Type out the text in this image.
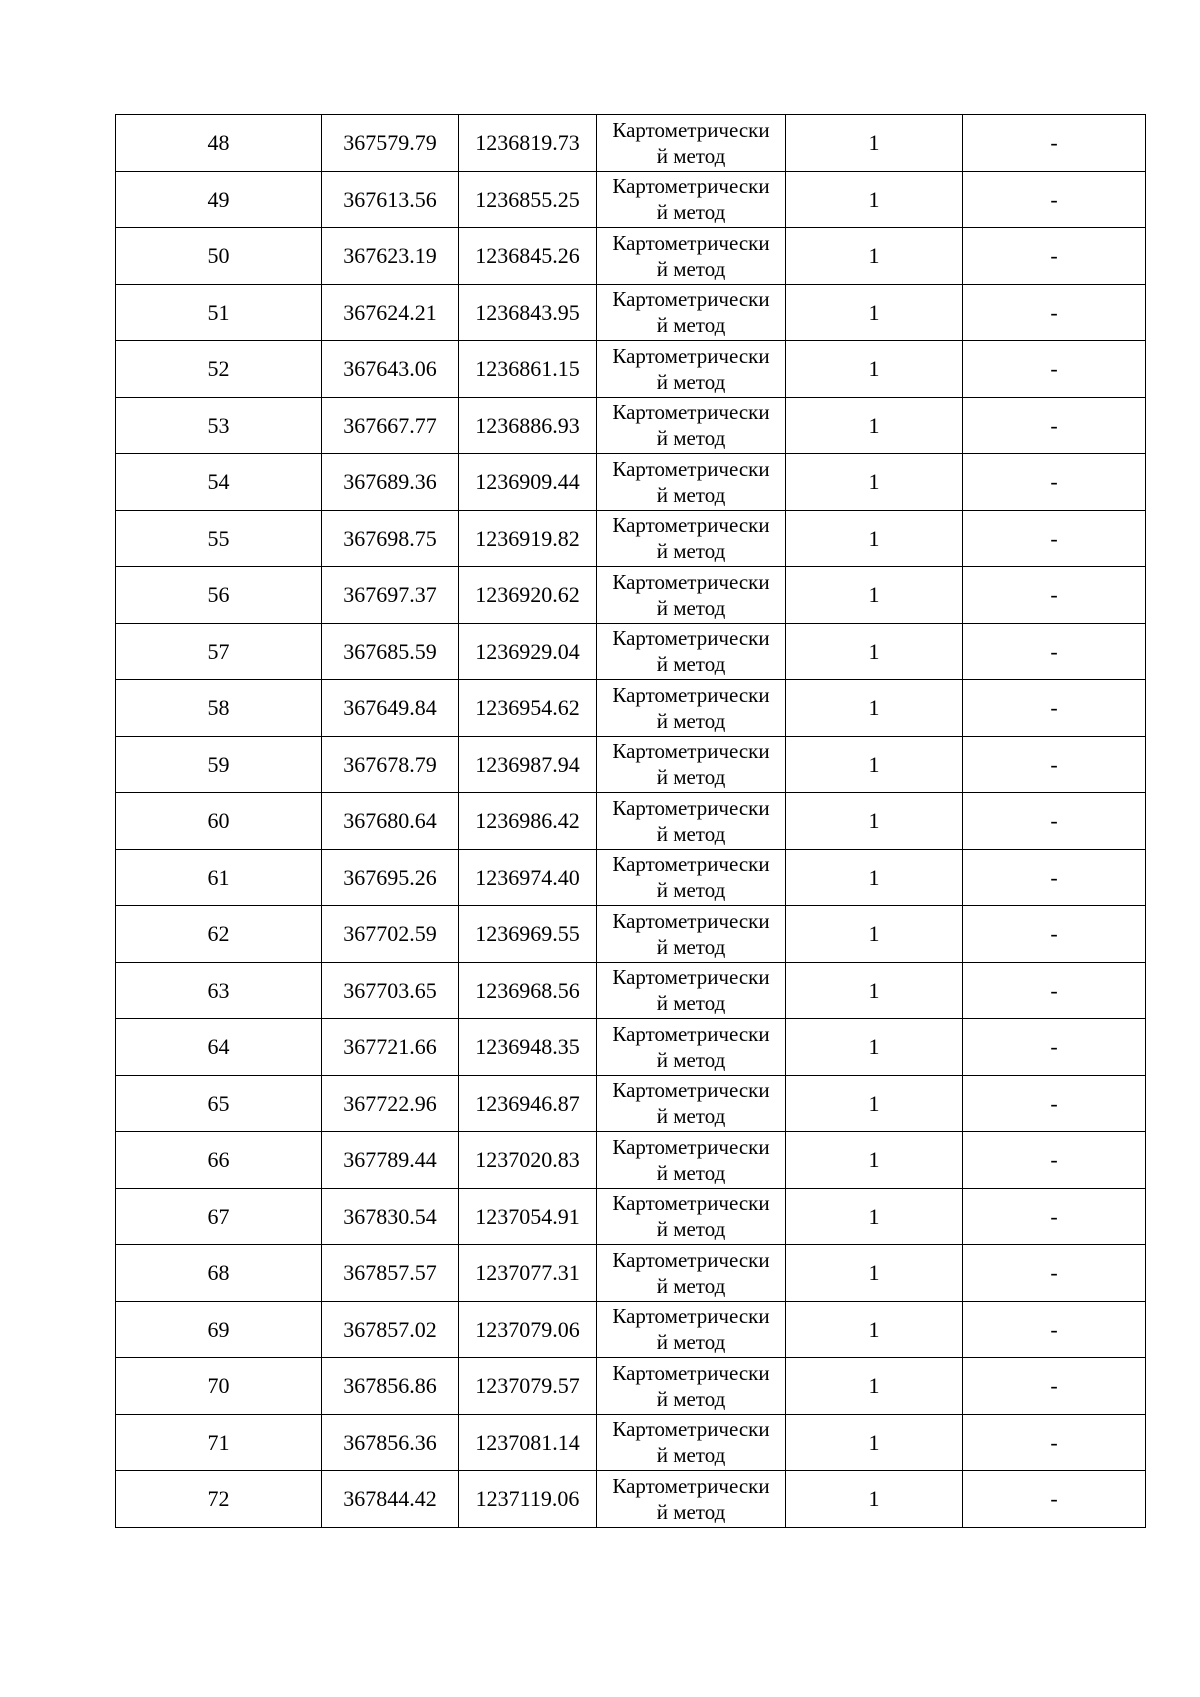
48	367579.79	1236819.73	Картометрически
й метод	1	-
49	367613.56	1236855.25	Картометрически
й метод	1	-
50	367623.19	1236845.26	Картометрически
й метод	1	-
51	367624.21	1236843.95	Картометрически
й метод	1	-
52	367643.06	1236861.15	Картометрически
й метод	1	-
53	367667.77	1236886.93	Картометрически
й метод	1	-
54	367689.36	1236909.44	Картометрически
й метод	1	-
55	367698.75	1236919.82	Картометрически
й метод	1	-
56	367697.37	1236920.62	Картометрически
й метод	1	-
57	367685.59	1236929.04	Картометрически
й метод	1	-
58	367649.84	1236954.62	Картометрически
й метод	1	-
59	367678.79	1236987.94	Картометрически
й метод	1	-
60	367680.64	1236986.42	Картометрически
й метод	1	-
61	367695.26	1236974.40	Картометрически
й метод	1	-
62	367702.59	1236969.55	Картометрически
й метод	1	-
63	367703.65	1236968.56	Картометрически
й метод	1	-
64	367721.66	1236948.35	Картометрически
й метод	1	-
65	367722.96	1236946.87	Картометрически
й метод	1	-
66	367789.44	1237020.83	Картометрически
й метод	1	-
67	367830.54	1237054.91	Картометрически
й метод	1	-
68	367857.57	1237077.31	Картометрически
й метод	1	-
69	367857.02	1237079.06	Картометрически
й метод	1	-
70	367856.86	1237079.57	Картометрически
й метод	1	-
71	367856.36	1237081.14	Картометрически
й метод	1	-
72	367844.42	1237119.06	Картометрически
й метод	1	-
